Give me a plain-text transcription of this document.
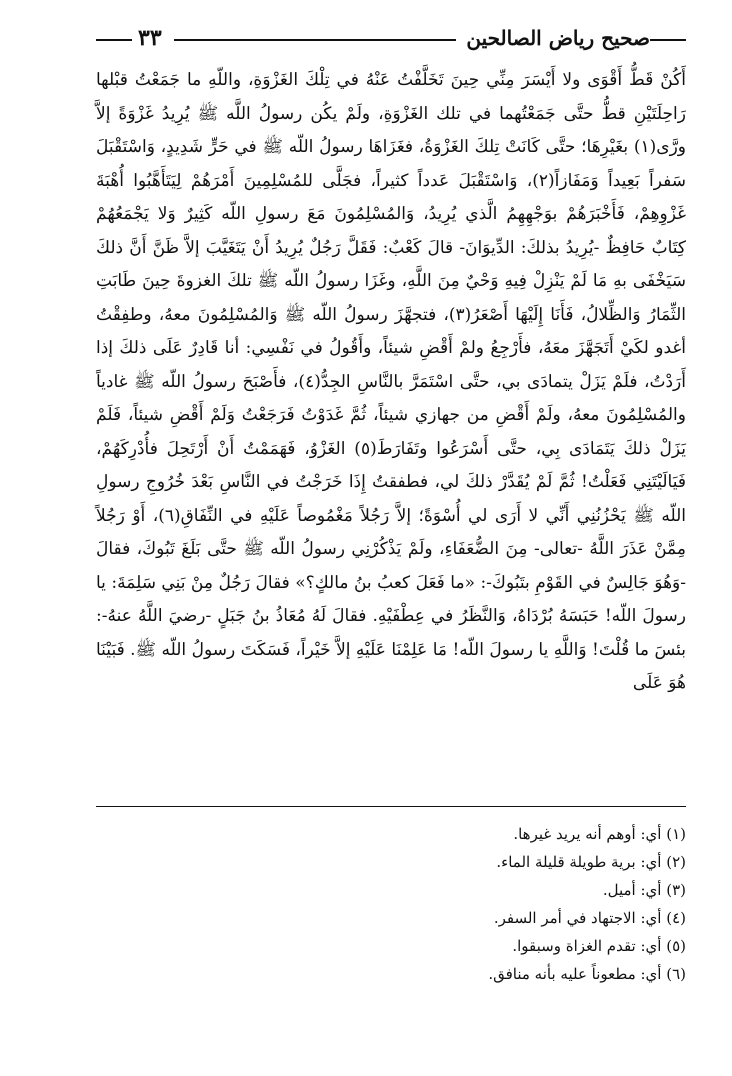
صحيح رياض الصالحين
٣٣

أَكُنْ قَطُّ أَقْوَى ولا أَيْسَرَ مِنِّي حِينَ تَخَلَّفْتُ عَنْهُ في تِلْكَ الغَزْوَةِ، واللّهِ ما جَمَعْتُ قبْلها رَاحِلَتَيْنِ قطُّ حتَّى جَمَعْتُهما في تلك الغَزْوَةِ، ولَمْ يكُن رسولُ اللَّه ﷺ يُرِيدُ غَزْوَةً إلاَّ ورَّى(١) بغَيْرِهَا؛ حتَّى كَانَتْ تِلكَ الغَزْوَةُ، فغَزَاهَا رسولُ اللّه ﷺ في حَرٍّ شَدِيدٍ، وَاسْتَقْبَلَ سَفراً بَعِيداً وَمَفَازاً(٢)، وَاسْتَقْبَلَ عَدداً كثيراً، فجَلَّى للمُسْلِمِينَ أَمْرَهُمْ لِيَتَأَهَّبُوا أُهْبَةَ غَزْوِهِمْ، فَأَخْبَرَهُمْ بوَجْهِهِمُ الَّذي يُرِيدُ، وَالمُسْلِمُونَ مَعَ رسولِ اللّه كَثِيرٌ وَلا يَجْمَعُهُمْ كِتَابٌ حَافِظٌ -يُرِيدُ بذلكَ: الدِّيوَانَ- قالَ كَعْبٌ: فَقَلَّ رَجُلٌ يُرِيدُ أَنْ يَتَغَيَّبَ إلاَّ ظَنَّ أَنَّ ذلكَ سَيَخْفَى بهِ مَا لَمْ يَنْزِلْ فِيهِ وَحْيٌ مِنَ اللَّهِ، وغَزَا رسولُ اللّه ﷺ تلكَ الغزوةَ حِينَ طَابَتِ الثِّمَارُ وَالظِّلالُ، فَأَنَا إِلَيْهَا أَصْعَرُ(٣)، فتجهَّزَ رسولُ اللّه ﷺ وَالمُسْلِمُونَ معهُ، وطفِقْتُ أغدو لكَيْ أَتَجَهَّزَ معَهُ، فأَرْجِعُ ولمْ أَقْضِ شيئاً، وأَقُولُ في نَفْسِي: أنا قَادِرٌ عَلَى ذلكَ إذا أَرَدْتُ، فلَمْ يَزَلْ يتمادَى بي، حتَّى اسْتَمَرَّ بالنَّاسِ الجِدُّ(٤)، فأَصْبَحَ رسولُ اللّه ﷺ غادياً والمُسْلِمُونَ معهُ، ولَمْ أَقْضِ من جهازي شيئاً، ثُمَّ غَدَوْتُ فَرَجَعْتُ وَلَمْ أَقْضِ شيئاً، فَلَمْ يَزَلْ ذلكَ يَتَمَادَى بِي، حتَّى أَسْرَعُوا وتَفَارَطَ(٥) الغَزْوُ، فَهَمَمْتُ أَنْ أَرْتَحِلَ فأُدْرِكَهُمْ، فَيَالَيْتَنِي فَعَلْتُ! ثُمَّ لَمْ يُقَدَّرْ ذلكَ لي، فطفقتُ إِذَا خَرَجْتُ في النَّاسِ بَعْدَ خُرُوجِ رسولِ اللّه ﷺ يَحْزُنُنِي أَنِّي لا أَرَى لي أُسْوَةً؛ إلاَّ رَجُلاً مَغْمُوصاً عَلَيْهِ في النِّفَاقِ(٦)، أَوْ رَجُلاً مِمَّنْ عَذَرَ اللَّهُ -تعالى- مِنَ الضُّعَفَاءِ، ولَمْ يَذْكُرْنِي رسولُ اللّه ﷺ حتَّى بَلَغَ تَبُوكَ، فقالَ -وَهُوَ جَالِسٌ في القَوْمِ بتَبُوكَ-: «ما فَعَلَ كعبُ بنُ مالكٍ؟» فقالَ رَجُلٌ مِنْ بَنِي سَلِمَةَ: يا رسولَ اللّه! حَبَسَهُ بُرْدَاهُ، وَالنَّظَرُ في عِطْفَيْهِ. فقالَ لَهُ مُعَاذُ بنُ جَبَلٍ -رضيَ اللَّهُ عنهُ-: بئسَ ما قُلْتَ! وَاللَّهِ يا رسولَ اللّه! مَا عَلِمْنَا عَلَيْهِ إلاَّ خَيْراً، فَسَكَتَ رسولُ اللّه ﷺ. فَبَيْنَا هُوَ عَلَى

(١) أي: أوهم أنه يريد غيرها.
(٢) أي: برية طويلة قليلة الماء.
(٣) أي: أميل.
(٤) أي: الاجتهاد في أمر السفر.
(٥) أي: تقدم الغزاة وسبقوا.
(٦) أي: مطعوناً عليه بأنه منافق.
